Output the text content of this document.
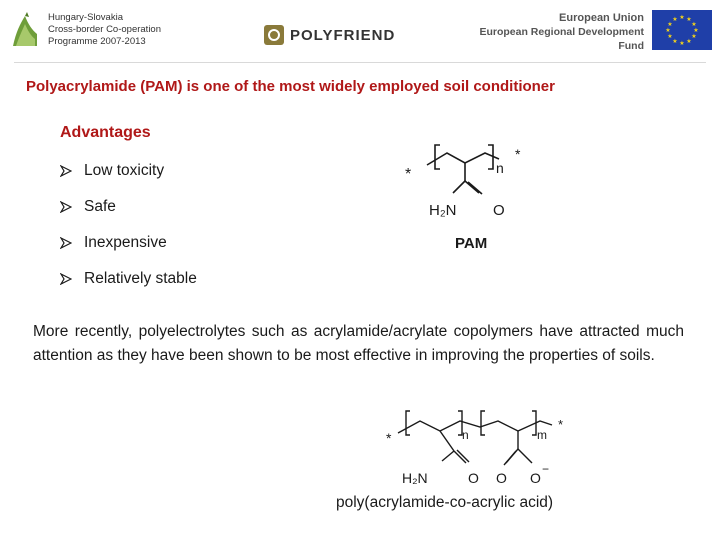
Hungary-Slovakia
Cross-border Co-operation
Programme 2007-2013	POLYFRIEND
European Union
European Regional Development Fund
★ ★
★
★
★
★
★
★
★
★
★
★
Polyacrylamide (PAM) is one of the most widely employed soil conditioner
Advantages
Low toxicity
Safe
Inexpensive
Relatively stable
*
*
n
H₂N O
PAM
More recently, polyelectrolytes such as acrylamide/acrylate copolymers have attracted much attention as they have been shown to be most effective in improving the properties of soils.
*
*
n	m
H₂N	O O O
−
poly(acrylamide-co-acrylic acid)
